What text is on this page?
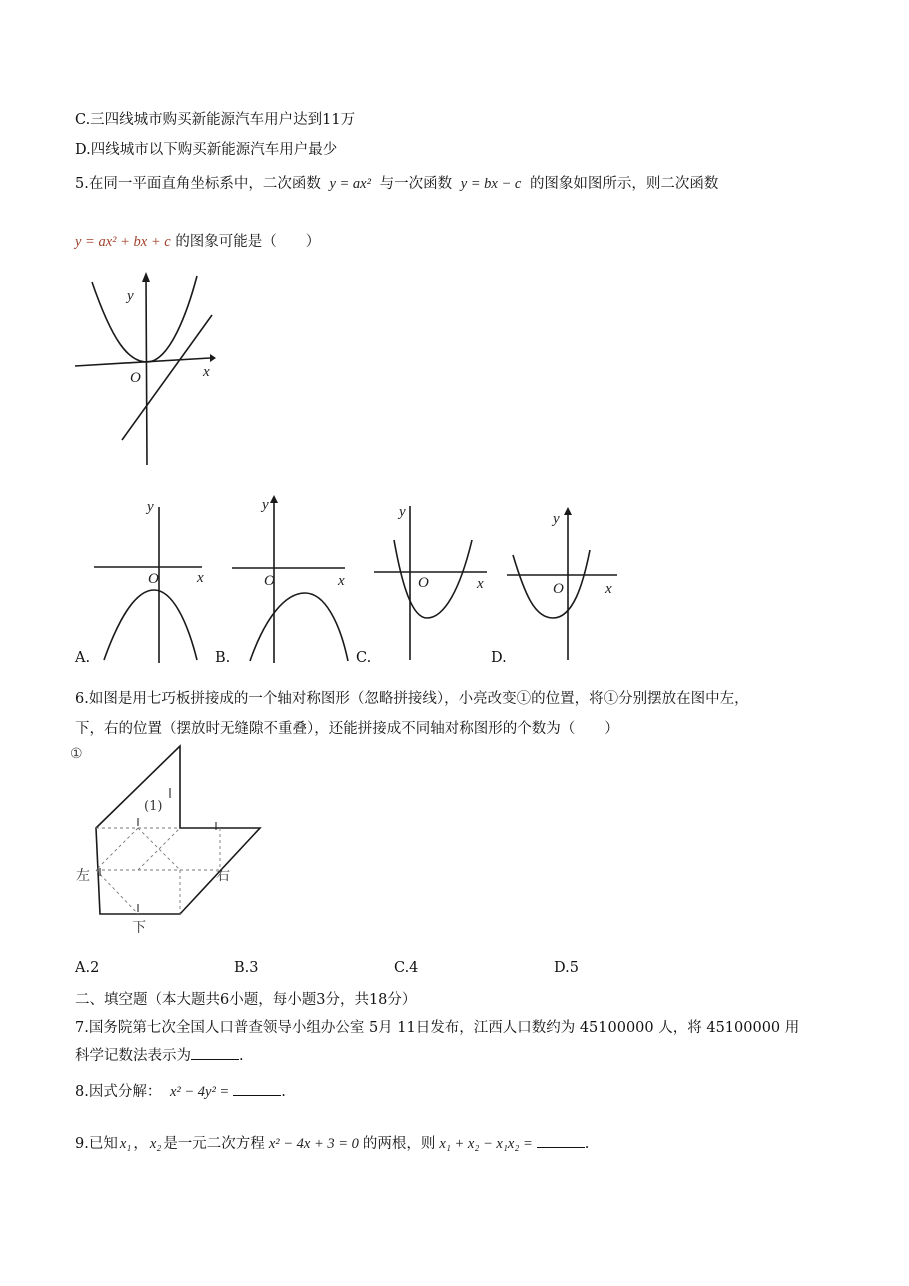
C.三四线城市购买新能源汽车用户达到11万
D.四线城市以下购买新能源汽车用户最少
5.在同一平面直角坐标系中，二次函数 y = ax² 与一次函数 y = bx − c 的图象如图所示，则二次函数
y = ax² + bx + c 的图象可能是（　　）
y
x
O
y
x
O
A.
y
x
O
B.
y
x
O
C.
y
x
O
D.
6.如图是用七巧板拼接成的一个轴对称图形（忽略拼接线），小亮改变①的位置，将①分别摆放在图中左，
下，右的位置（摆放时无缝隙不重叠），还能拼接成不同轴对称图形的个数为（　　）
①
(1)
左	右
下
A.2	B.3	C.4	D.5
二、填空题（本大题共6小题，每小题3分，共18分）
7.国务院第七次全国人口普查领导小组办公室 5月 11日发布，江西人口数约为 45100000 人，将 45100000 用
科学记数法表示为	.
8.因式分解： x² − 4y² =	.
9.已知 x₁ ， x₂ 是一元二次方程 x² − 4x + 3 = 0 的两根，则 x₁ + x₂ − x₁x₂ =	.
